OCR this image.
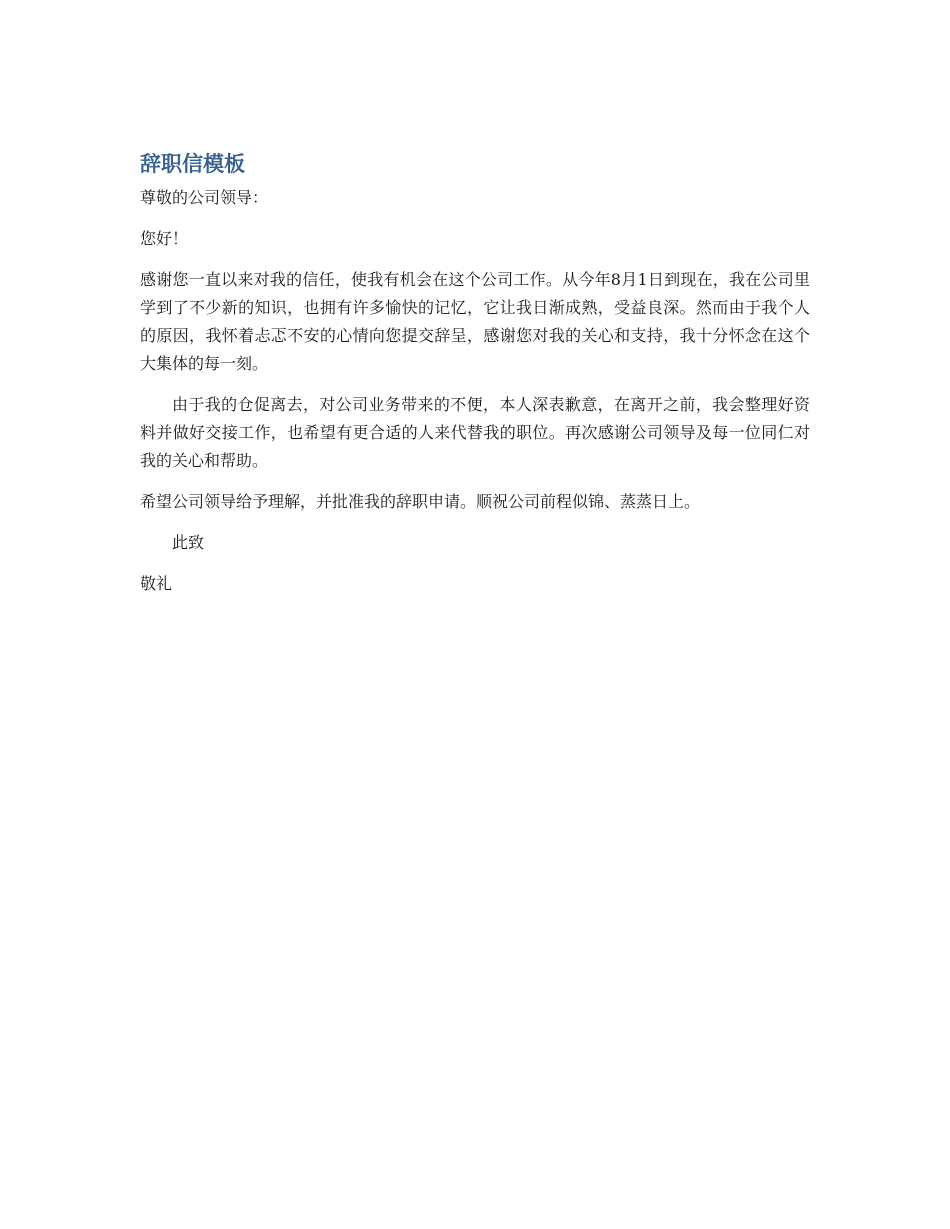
辞职信模板

尊敬的公司领导：

您好！

感谢您一直以来对我的信任，使我有机会在这个公司工作。从今年8月1日到现在，我在公司里学到了不少新的知识，也拥有许多愉快的记忆，它让我日渐成熟，受益良深。然而由于我个人的原因，我怀着忐忑不安的心情向您提交辞呈，感谢您对我的关心和支持，我十分怀念在这个大集体的每一刻。

由于我的仓促离去，对公司业务带来的不便，本人深表歉意，在离开之前，我会整理好资料并做好交接工作，也希望有更合适的人来代替我的职位。再次感谢公司领导及每一位同仁对我的关心和帮助。

希望公司领导给予理解，并批准我的辞职申请。顺祝公司前程似锦、蒸蒸日上。

此致

敬礼
